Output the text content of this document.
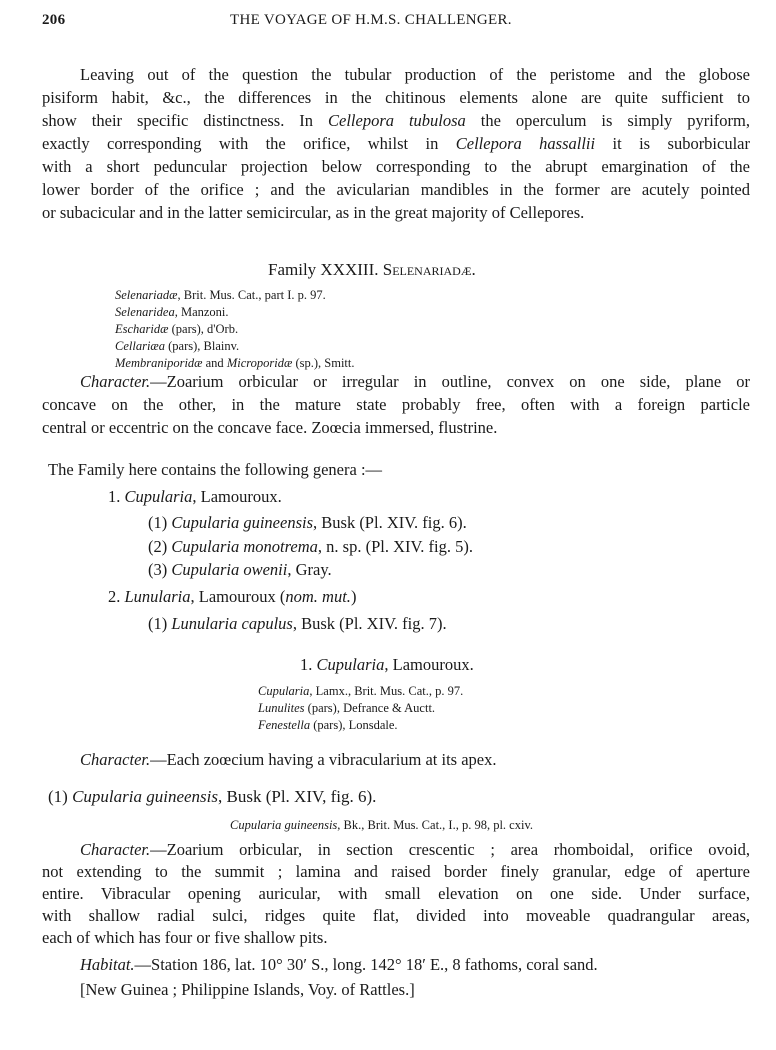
206	THE VOYAGE OF H.M.S. CHALLENGER.
Leaving out of the question the tubular production of the peristome and the globose
pisiform habit, &c., the differences in the chitinous elements alone are quite sufficient to
show their specific distinctness. In Cellepora tubulosa the operculum is simply pyriform,
exactly corresponding with the orifice, whilst in Cellepora hassallii it is suborbicular
with a short peduncular projection below corresponding to the abrupt emargination of the
lower border of the orifice ; and the avicularian mandibles in the former are acutely pointed
or subacicular and in the latter semicircular, as in the great majority of Cellepores.
Family XXXIII. Selenariadæ.
Selenariadæ, Brit. Mus. Cat., part I. p. 97.
Selenaridea, Manzoni.
Escharidæ (pars), d'Orb.
Cellariæa (pars), Blainv.
Membraniporidæ and Microporidæ (sp.), Smitt.
Character.—Zoarium orbicular or irregular in outline, convex on one side, plane or
concave on the other, in the mature state probably free, often with a foreign particle
central or eccentric on the concave face. Zoœcia immersed, flustrine.
The Family here contains the following genera :—
1. Cupularia, Lamouroux.
(1) Cupularia guineensis, Busk (Pl. XIV. fig. 6).
(2) Cupularia monotrema, n. sp. (Pl. XIV. fig. 5).
(3) Cupularia owenii, Gray.
2. Lunularia, Lamouroux (nom. mut.)
(1) Lunularia capulus, Busk (Pl. XIV. fig. 7).
1. Cupularia, Lamouroux.
Cupularia, Lamx., Brit. Mus. Cat., p. 97.
Lunulites (pars), Defrance & Auctt.
Fenestella (pars), Lonsdale.
Character.—Each zoœcium having a vibracularium at its apex.
(1) Cupularia guineensis, Busk (Pl. XIV, fig. 6).
Cupularia guineensis, Bk., Brit. Mus. Cat., I., p. 98, pl. cxiv.
Character.—Zoarium orbicular, in section crescentic ; area rhomboidal, orifice ovoid,
not extending to the summit ; lamina and raised border finely granular, edge of aperture
entire. Vibracular opening auricular, with small elevation on one side. Under surface,
with shallow radial sulci, ridges quite flat, divided into moveable quadrangular areas,
each of which has four or five shallow pits.
Habitat.—Station 186, lat. 10° 30′ S., long. 142° 18′ E., 8 fathoms, coral sand.
[New Guinea ; Philippine Islands, Voy. of Rattles.]
